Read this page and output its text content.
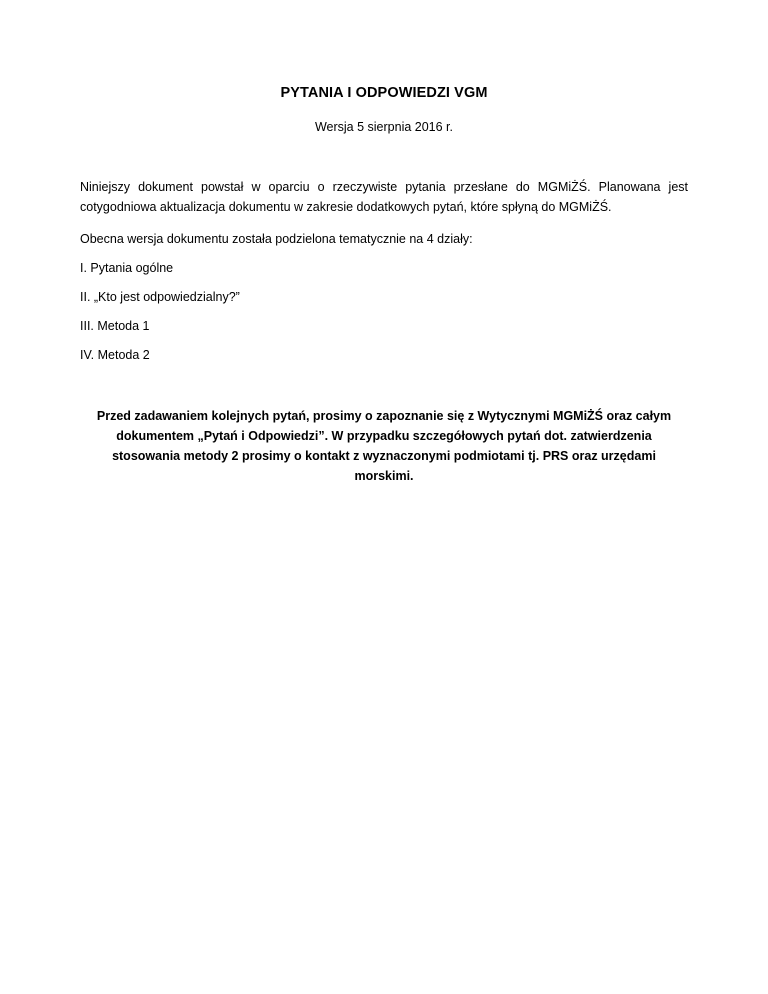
PYTANIA I ODPOWIEDZI VGM
Wersja 5 sierpnia 2016 r.
Niniejszy dokument powstał w oparciu o rzeczywiste pytania przesłane do MGMiŻŚ. Planowana jest
cotygodniowa aktualizacja dokumentu w zakresie dodatkowych pytań, które spłyną do MGMiŻŚ.
Obecna wersja dokumentu została podzielona tematycznie na 4 działy:
I. Pytania ogólne
II. „Kto jest odpowiedzialny?”
III. Metoda 1
IV. Metoda 2
Przed zadawaniem kolejnych pytań, prosimy o zapoznanie się z Wytycznymi MGMiŻŚ oraz całym
dokumentem „Pytań i Odpowiedzi”. W przypadku szczegółowych pytań dot. zatwierdzenia
stosowania metody 2 prosimy o kontakt z wyznaczonymi podmiotami tj. PRS oraz urzędami
morskimi.
